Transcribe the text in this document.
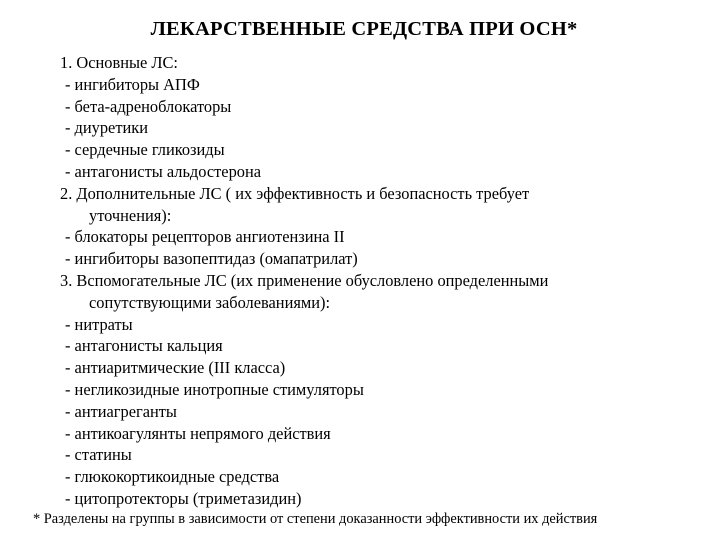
ЛЕКАРСТВЕННЫЕ СРЕДСТВА ПРИ ОСН*
1. Основные ЛС:
- ингибиторы АПФ
- бета-адреноблокаторы
- диуретики
- сердечные гликозиды
- антагонисты альдостерона
2. Дополнительные ЛС ( их эффективность и безопасность требует
уточнения):
- блокаторы рецепторов ангиотензина II
- ингибиторы вазопептидаз (омапатрилат)
3. Вспомогательные ЛС (их применение обусловлено определенными
сопутствующими заболеваниями):
- нитраты
- антагонисты кальция
- антиаритмические (III класса)
- негликозидные инотропные стимуляторы
- антиагреганты
- антикоагулянты непрямого действия
- статины
- глюкокортикоидные средства
- цитопротекторы (триметазидин)
* Разделены на группы в зависимости от степени доказанности эффективности их действия
